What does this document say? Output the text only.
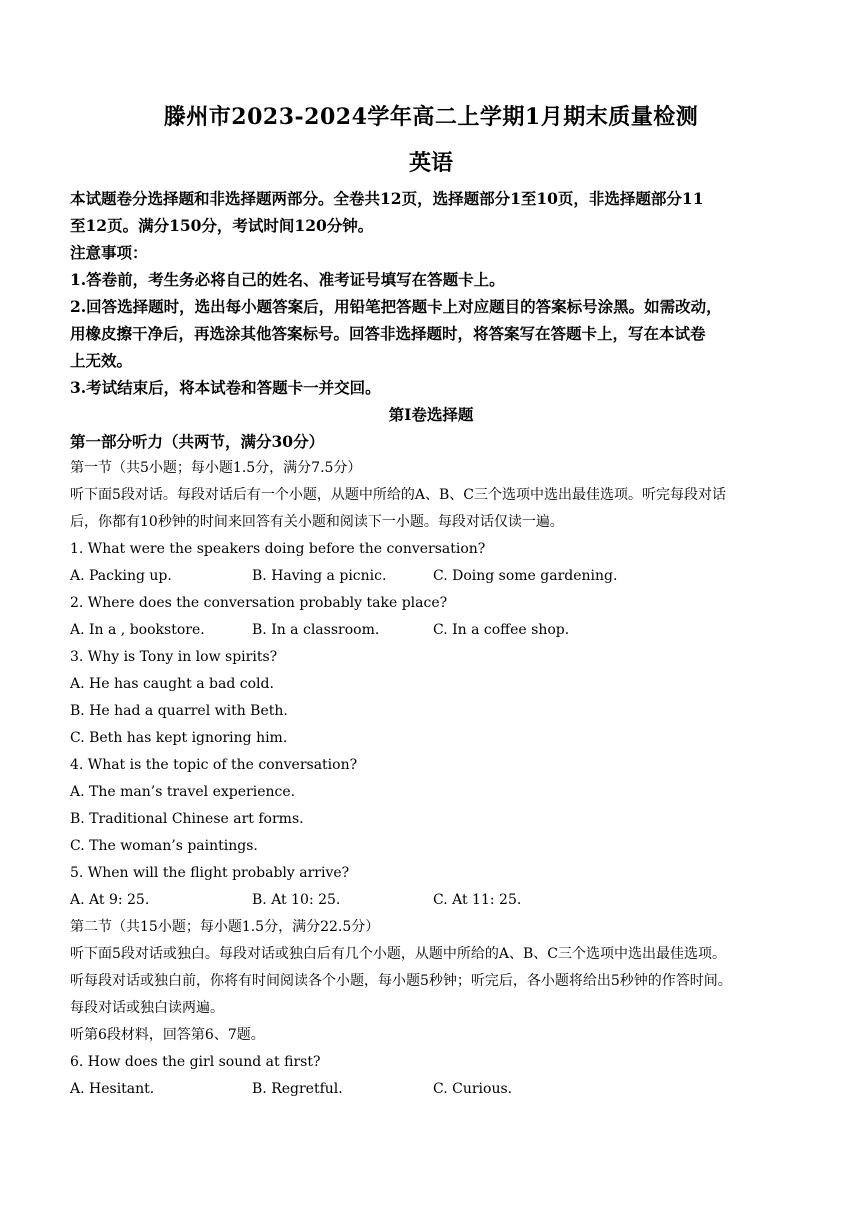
滕州市2023-2024学年高二上学期1月期末质量检测
英语
本试题卷分选择题和非选择题两部分。全卷共12页，选择题部分1至10页，非选择题部分11
至12页。满分150分，考试时间120分钟。
注意事项：
1.答卷前，考生务必将自己的姓名、准考证号填写在答题卡上。
2.回答选择题时，选出每小题答案后，用铅笔把答题卡上对应题目的答案标号涂黑。如需改动，
用橡皮擦干净后，再选涂其他答案标号。回答非选择题时，将答案写在答题卡上，写在本试卷
上无效。
3.考试结束后，将本试卷和答题卡一并交回。
第Ⅰ卷选择题
第一部分听力（共两节，满分30分）
第一节（共5小题；每小题1.5分，满分7.5分）
听下面5段对话。每段对话后有一个小题，从题中所给的A、B、C三个选项中选出最佳选项。听完每段对话
后，你都有10秒钟的时间来回答有关小题和阅读下一小题。每段对话仅读一遍。
1. What were the speakers doing before the conversation?
A. Packing up.	B. Having a picnic.	C. Doing some gardening.
2. Where does the conversation probably take place?
A. In a , bookstore.	B. In a classroom.	C. In a coffee shop.
3. Why is Tony in low spirits?
A. He has caught a bad cold.
B. He had a quarrel with Beth.
C. Beth has kept ignoring him.
4. What is the topic of the conversation?
A. The man’s travel experience.
B. Traditional Chinese art forms.
C. The woman’s paintings.
5. When will the flight probably arrive?
A. At 9: 25.	B. At 10: 25.	C. At 11: 25.
第二节（共15小题；每小题1.5分，满分22.5分）
听下面5段对话或独白。每段对话或独白后有几个小题，从题中所给的A、B、C三个选项中选出最佳选项。
听每段对话或独白前，你将有时间阅读各个小题，每小题5秒钟；听完后，各小题将给出5秒钟的作答时间。
每段对话或独白读两遍。
听第6段材料，回答第6、7题。
6. How does the girl sound at first?
A. Hesitant.	B. Regretful.	C. Curious.
